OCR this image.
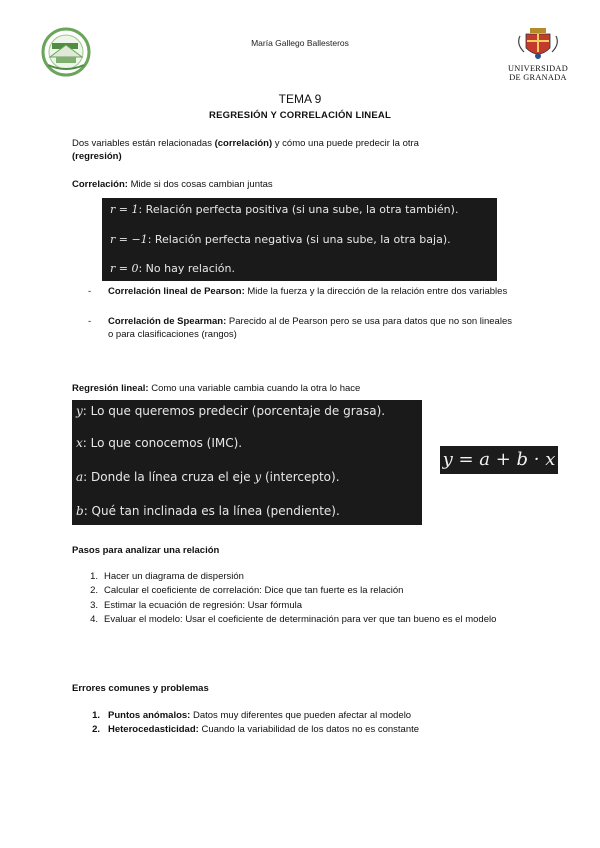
María Gallego Ballesteros
UNIVERSIDAD
DE GRANADA
TEMA 9
REGRESIÓN Y CORRELACIÓN LINEAL
Dos variables están relacionadas (correlación) y cómo una puede predecir la otra
(regresión)
Correlación: Mide si dos cosas cambian juntas
r = 1: Relación perfecta positiva (si una sube, la otra también).
r = −1: Relación perfecta negativa (si una sube, la otra baja).
r = 0: No hay relación.
- Correlación lineal de Pearson: Mide la fuerza y la dirección de la relación entre dos variables
- Correlación de Spearman: Parecido al de Pearson pero se usa para datos que no son lineales o para clasificaciones (rangos)
Regresión lineal: Como una variable cambia cuando la otra lo hace
y: Lo que queremos predecir (porcentaje de grasa).
x: Lo que conocemos (IMC).
a: Donde la línea cruza el eje y (intercepto).
b: Qué tan inclinada es la línea (pendiente).
y = a + b · x
Pasos para analizar una relación
1. Hacer un diagrama de dispersión
2. Calcular el coeficiente de correlación: Dice que tan fuerte es la relación
3. Estimar la ecuación de regresión: Usar fórmula
4. Evaluar el modelo: Usar el coeficiente de determinación para ver que tan bueno es el modelo
Errores comunes y problemas
1. Puntos anómalos: Datos muy diferentes que pueden afectar al modelo
2. Heterocedasticidad: Cuando la variabilidad de los datos no es constante
